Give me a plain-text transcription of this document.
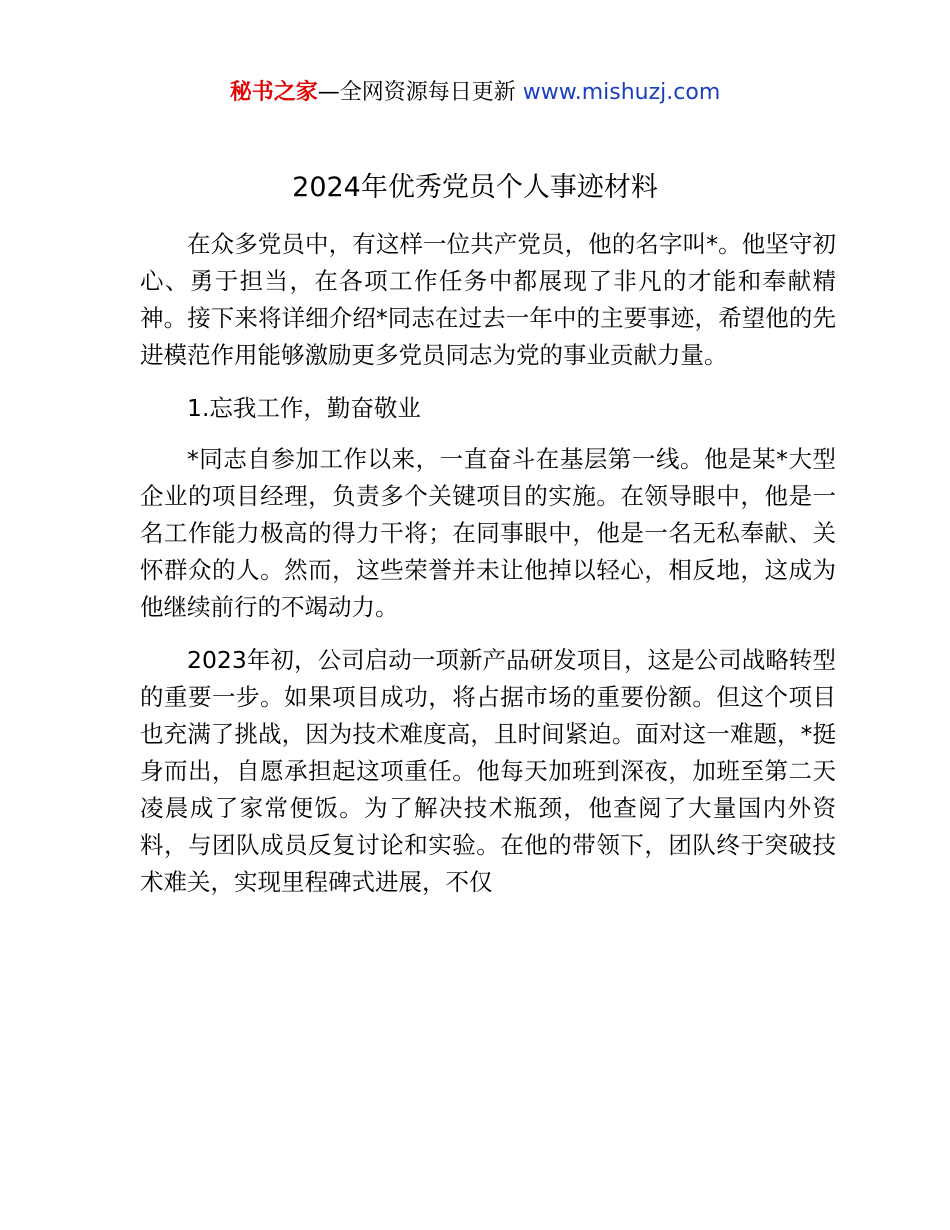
秘书之家—全网资源每日更新 www.mishuzj.com
2024年优秀党员个人事迹材料

在众多党员中，有这样一位共产党员，他的名字叫*。他坚守初心、勇于担当，在各项工作任务中都展现了非凡的才能和奉献精神。接下来将详细介绍*同志在过去一年中的主要事迹，希望他的先进模范作用能够激励更多党员同志为党的事业贡献力量。

1.忘我工作，勤奋敬业

*同志自参加工作以来，一直奋斗在基层第一线。他是某*大型企业的项目经理，负责多个关键项目的实施。在领导眼中，他是一名工作能力极高的得力干将；在同事眼中，他是一名无私奉献、关怀群众的人。然而，这些荣誉并未让他掉以轻心，相反地，这成为他继续前行的不竭动力。

2023年初，公司启动一项新产品研发项目，这是公司战略转型的重要一步。如果项目成功，将占据市场的重要份额。但这个项目也充满了挑战，因为技术难度高，且时间紧迫。面对这一难题，*挺身而出，自愿承担起这项重任。他每天加班到深夜，加班至第二天凌晨成了家常便饭。为了解决技术瓶颈，他查阅了大量国内外资料，与团队成员反复讨论和实验。在他的带领下，团队终于突破技术难关，实现里程碑式进展，不仅
